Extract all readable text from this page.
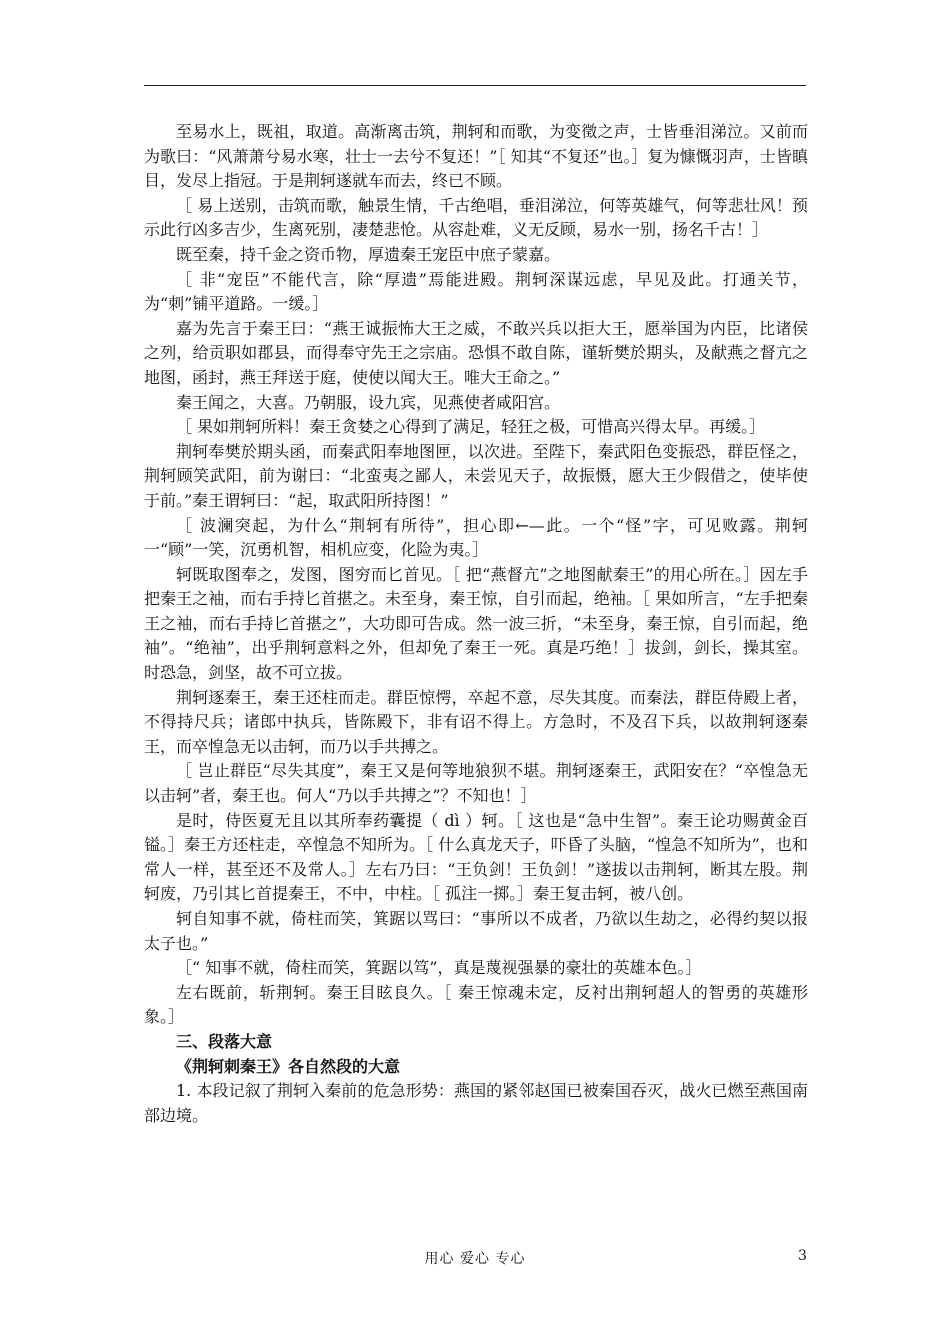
至易水上，既祖，取道。高渐离击筑，荆轲和而歌，为变徵之声，士皆垂泪涕泣。又前而为歌曰：“风萧萧兮易水寒，壮士一去兮不复还！”［ 知其“不复还”也。］复为慷慨羽声，士皆瞋目，发尽上指冠。于是荆轲遂就车而去，终已不顾。

［ 易上送别，击筑而歌，触景生情，千古绝唱，垂泪涕泣，何等英雄气，何等悲壮风！预示此行凶多吉少，生离死别，凄楚悲怆。从容赴难，义无反顾，易水一别，扬名千古！］

既至秦，持千金之资币物，厚遗秦王宠臣中庶子蒙嘉。

［ 非“宠臣”不能代言，除“厚遗”焉能进殿。荆轲深谋远虑，早见及此。打通关节，为“刺”铺平道路。一缓。］

嘉为先言于秦王曰：“燕王诚振怖大王之威，不敢兴兵以拒大王，愿举国为内臣，比诸侯之列，给贡职如郡县，而得奉守先王之宗庙。恐惧不敢自陈，谨斩樊於期头，及献燕之督亢之地图，函封，燕王拜送于庭，使使以闻大王。唯大王命之。”

秦王闻之，大喜。乃朝服，设九宾，见燕使者咸阳宫。

［ 果如荆轲所料！秦王贪婪之心得到了满足，轻狂之极，可惜高兴得太早。再缓。］

荆轲奉樊於期头函，而秦武阳奉地图匣，以次进。至陛下，秦武阳色变振恐，群臣怪之，荆轲顾笑武阳，前为谢曰：“北蛮夷之鄙人，未尝见天子，故振慑，愿大王少假借之，使毕使于前。”秦王谓轲曰：“起，取武阳所持图！”

［ 波澜突起，为什么“荆轲有所待”，担心即←—此。一个“怪”字，可见败露。荆轲一“顾”一笑，沉勇机智，相机应变，化险为夷。］

轲既取图奉之，发图，图穷而匕首见。［ 把“燕督亢”之地图献秦王”的用心所在。］因左手把秦王之袖，而右手持匕首揕之。未至身，秦王惊，自引而起，绝袖。［ 果如所言，“左手把秦王之袖，而右手持匕首揕之”，大功即可告成。然一波三折，“未至身，秦王惊，自引而起，绝袖”。“绝袖”，出乎荆轲意料之外，但却免了秦王一死。真是巧绝！］拔剑，剑长，操其室。时恐急，剑坚，故不可立拔。

荆轲逐秦王，秦王还柱而走。群臣惊愕，卒起不意，尽失其度。而秦法，群臣侍殿上者，不得持尺兵；诸郎中执兵，皆陈殿下，非有诏不得上。方急时，不及召下兵，以故荆轲逐秦王，而卒惶急无以击轲，而乃以手共搏之。

［ 岂止群臣“尽失其度”，秦王又是何等地狼狈不堪。荆轲逐秦王，武阳安在？“卒惶急无以击轲”者，秦王也。何人“乃以手共搏之”？不知也！］

是时，侍医夏无且以其所奉药囊提（ dì ）轲。［ 这也是“急中生智”。秦王论功赐黄金百镒。］秦王方还柱走，卒惶急不知所为。［ 什么真龙天子，吓昏了头脑，“惶急不知所为”，也和常人一样，甚至还不及常人。］左右乃曰：“王负剑！王负剑！”遂拔以击荆轲，断其左股。荆轲废，乃引其匕首提秦王，不中，中柱。［ 孤注一掷。］秦王复击轲，被八创。

轲自知事不就，倚柱而笑，箕踞以骂曰：“事所以不成者，乃欲以生劫之，必得约契以报太子也。”

［“ 知事不就，倚柱而笑，箕踞以笃”，真是蔑视强暴的豪壮的英雄本色。］

左右既前，斩荆轲。秦王目眩良久。［ 秦王惊魂未定，反衬出荆轲超人的智勇的英雄形象。］

三、段落大意

《荆轲刺秦王》各自然段的大意

1. 本段记叙了荆轲入秦前的危急形势：燕国的紧邻赵国已被秦国吞灭，战火已燃至燕国南部边境。

用心 爱心 专心	3
